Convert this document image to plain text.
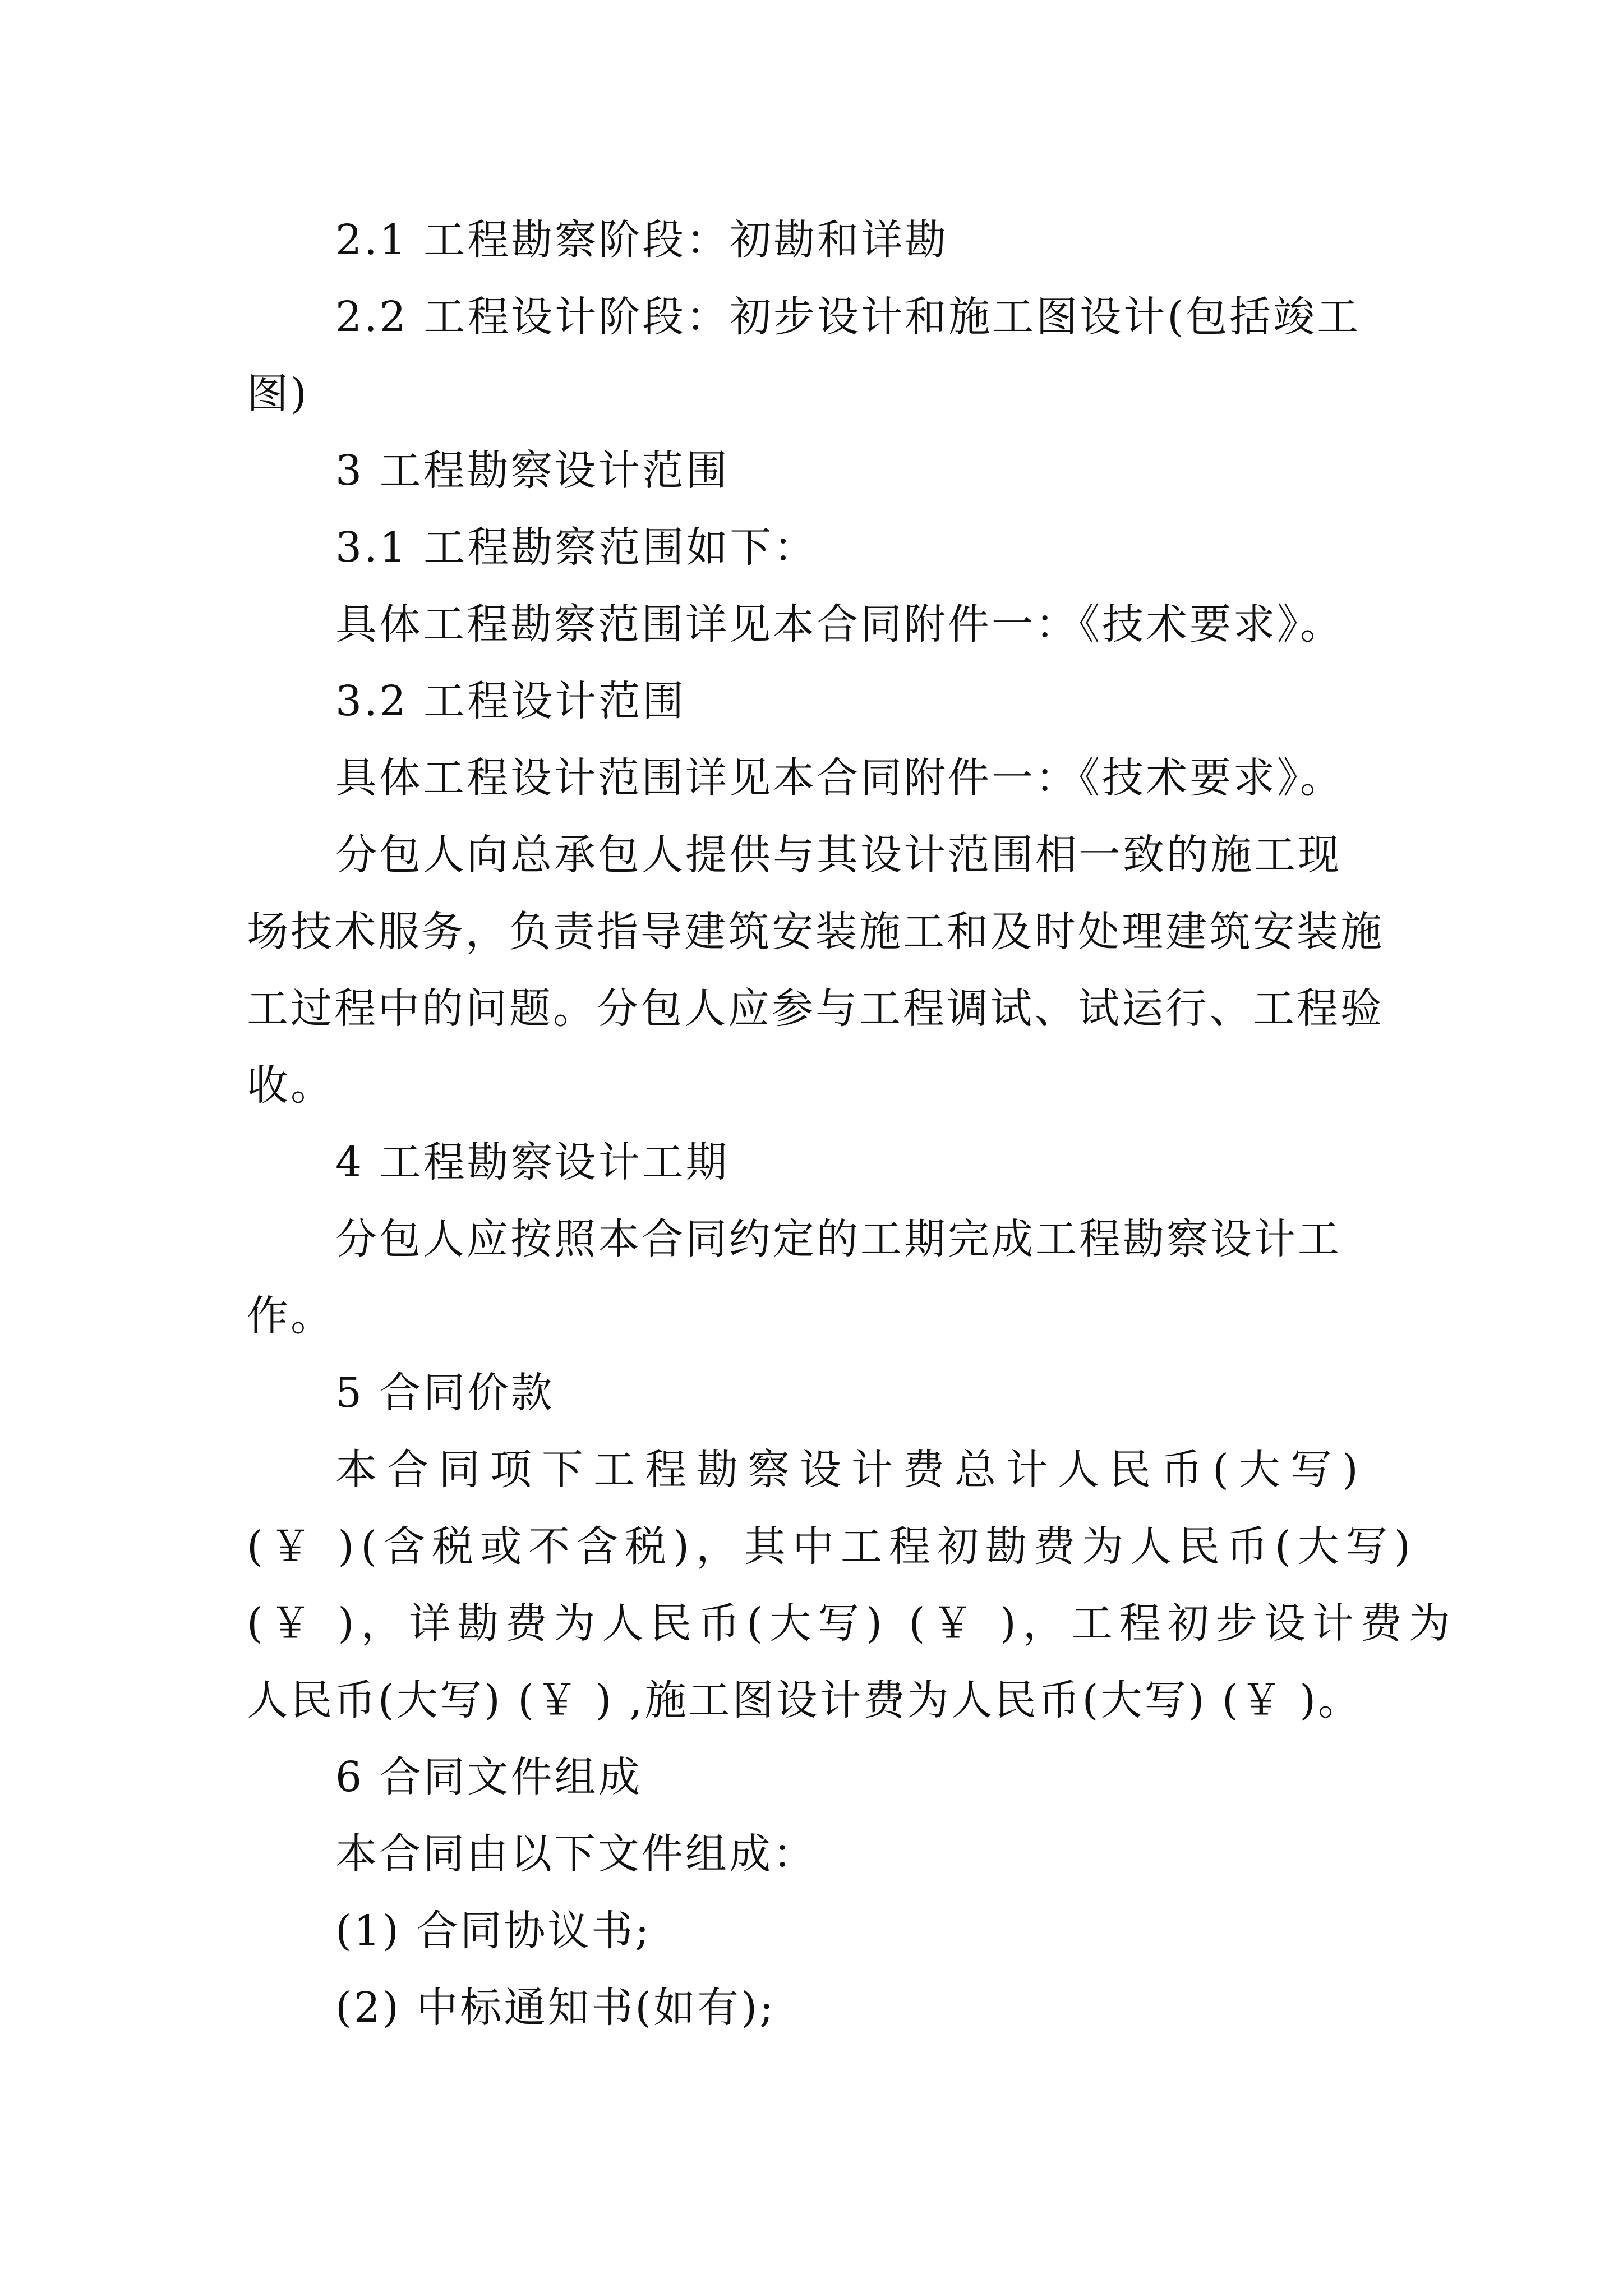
2.1 工程勘察阶段：初勘和详勘

2.2 工程设计阶段：初步设计和施工图设计(包括竣工

图)

3 工程勘察设计范围

3.1 工程勘察范围如下：

具体工程勘察范围详见本合同附件一：《技术要求》。

3.2 工程设计范围

具体工程设计范围详见本合同附件一：《技术要求》。

分包人向总承包人提供与其设计范围相一致的施工现

场技术服务，负责指导建筑安装施工和及时处理建筑安装施

工过程中的问题。分包人应参与工程调试、试运行、工程验

收。

4 工程勘察设计工期

分包人应按照本合同约定的工期完成工程勘察设计工

作。

5 合同价款

本合同项下工程勘察设计费总计人民币(大写)

(￥ )(含税或不含税)，其中工程初勘费为人民币(大写)

(￥ )，详勘费为人民币(大写) (￥ )，工程初步设计费为

人民币(大写) (￥ ) ,施工图设计费为人民币(大写) (￥ )。

6 合同文件组成

本合同由以下文件组成：

(1) 合同协议书;

(2) 中标通知书(如有);
